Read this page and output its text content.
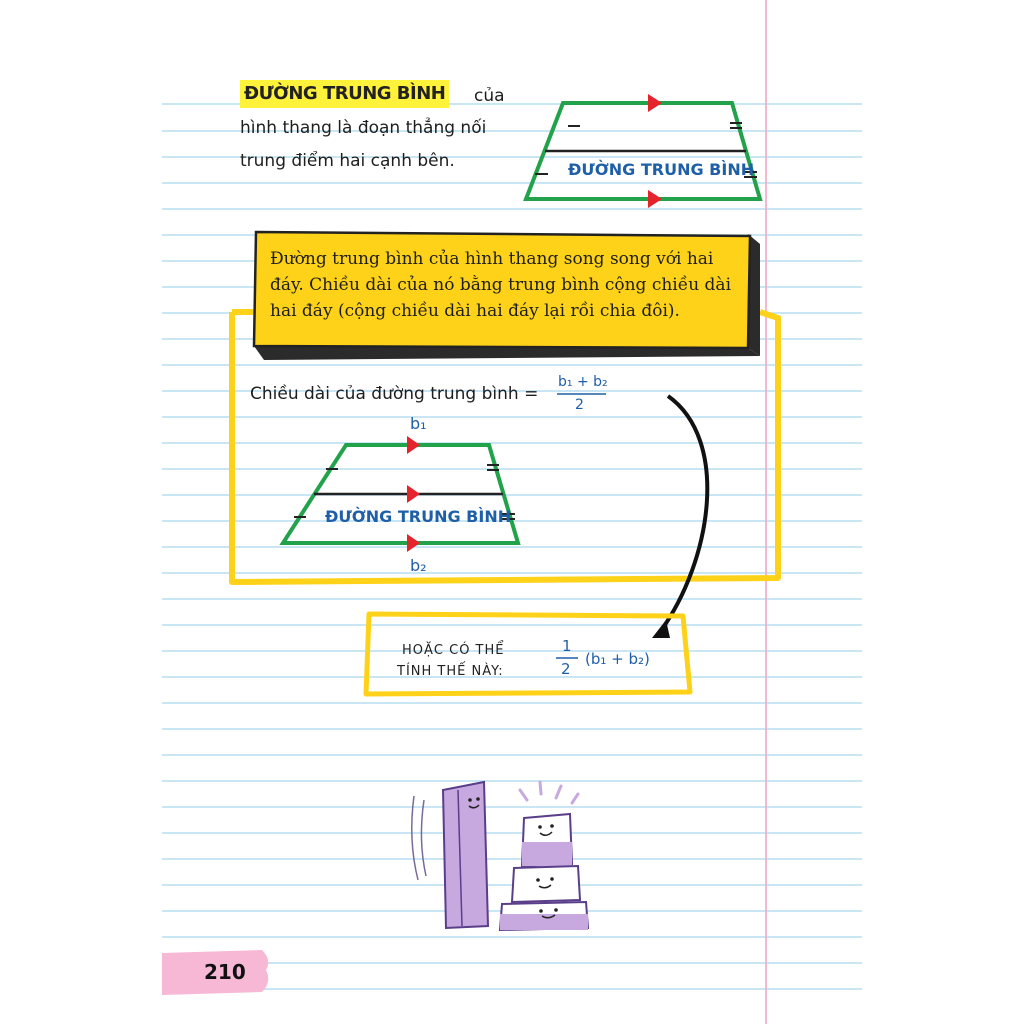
ĐƯỜNG TRUNG BÌNH của
hình thang là đoạn thẳng nối
trung điểm hai cạnh bên.	ĐƯỜNG TRUNG BÌNH
Đường trung bình của hình thang song song với hai
đáy. Chiều dài của nó bằng trung bình cộng chiều dài
hai đáy (cộng chiều dài hai đáy lại rồi chia đôi).
Chiều dài của đường trung bình =
b₁ + b₂
2
b₁
ĐƯỜNG TRUNG BÌNH
b₂
HOẶC CÓ THỂ
TÍNH THẾ NÀY:
1
2
(b₁ + b₂)
210
